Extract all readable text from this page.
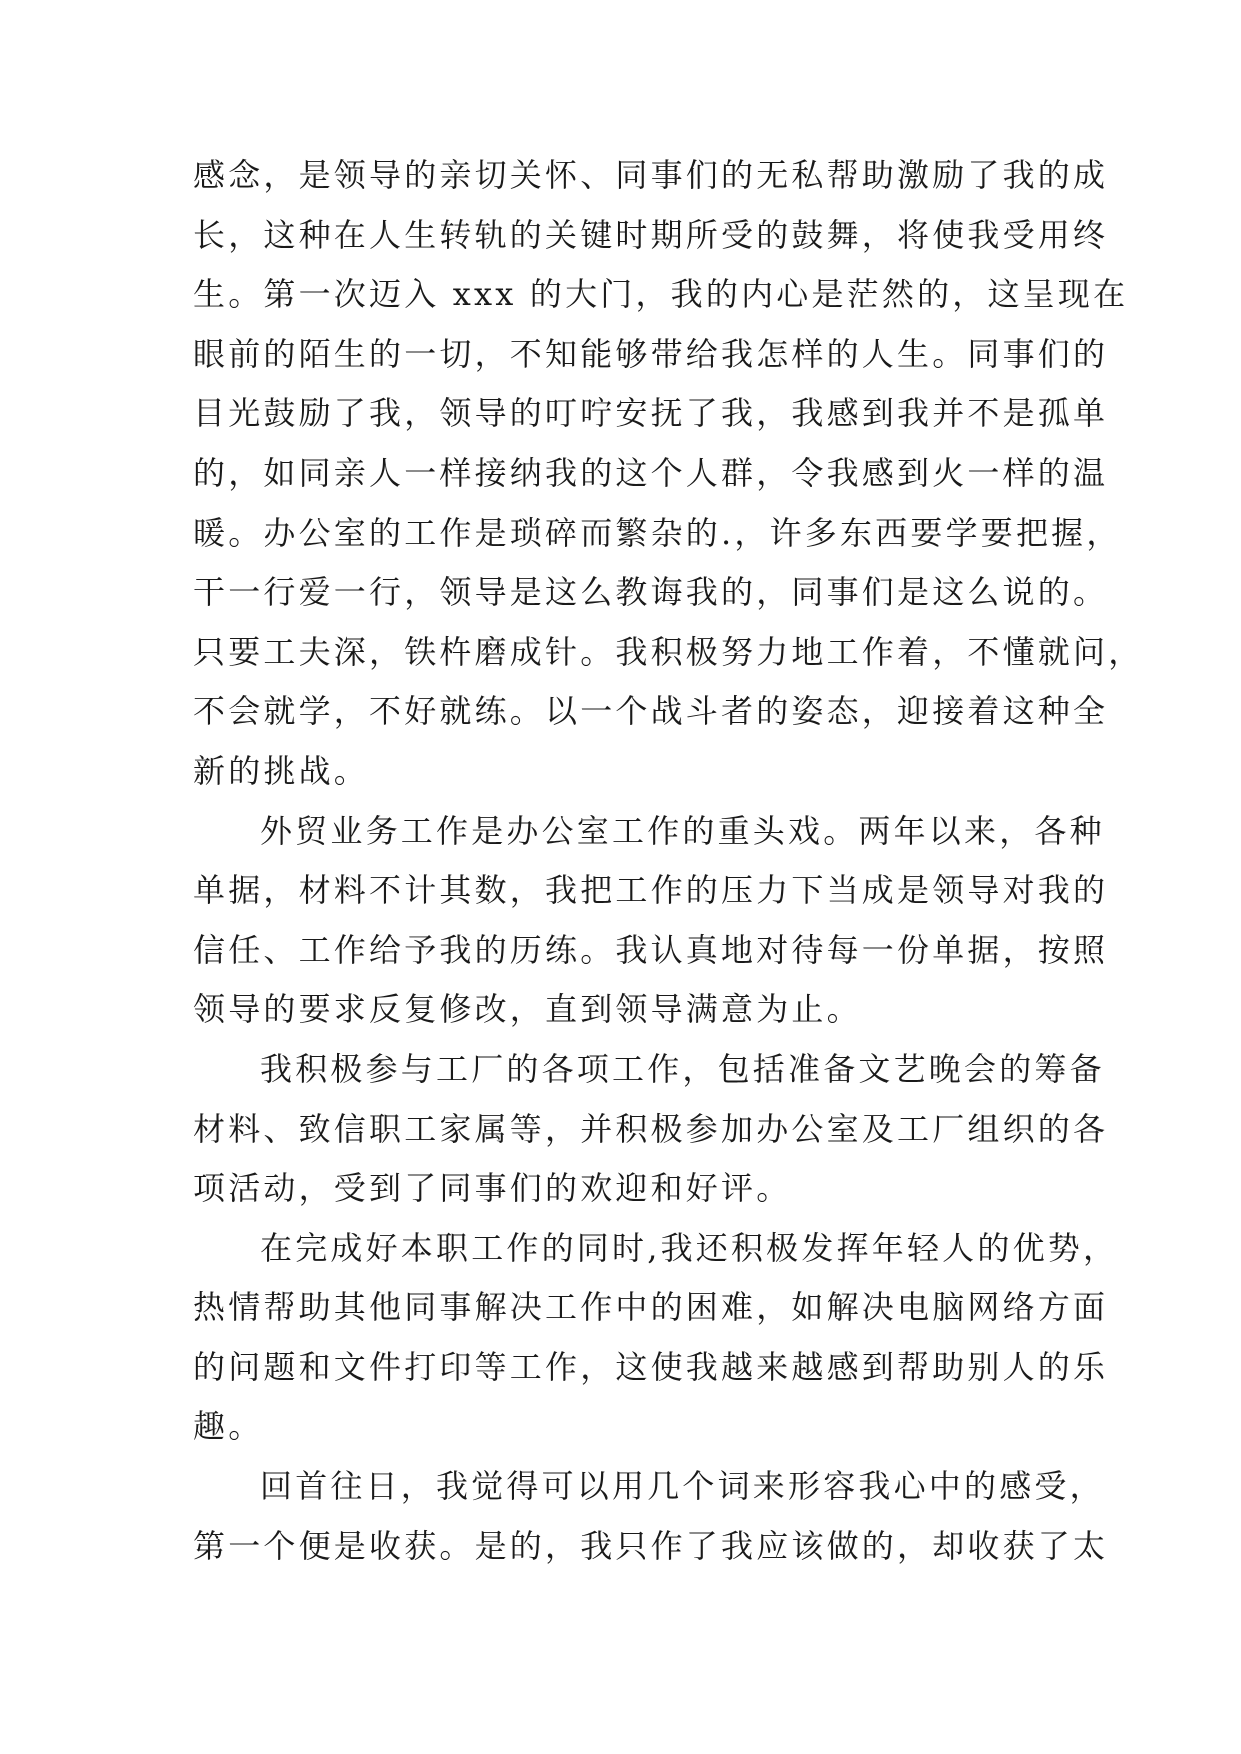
感念，是领导的亲切关怀、同事们的无私帮助激励了我的成
长，这种在人生转轨的关键时期所受的鼓舞，将使我受用终
生。第一次迈入 xxx 的大门，我的内心是茫然的，这呈现在
眼前的陌生的一切，不知能够带给我怎样的人生。同事们的
目光鼓励了我，领导的叮咛安抚了我，我感到我并不是孤单
的，如同亲人一样接纳我的这个人群，令我感到火一样的温
暖。办公室的工作是琐碎而繁杂的.，许多东西要学要把握，
干一行爱一行，领导是这么教诲我的，同事们是这么说的。
只要工夫深，铁杵磨成针。我积极努力地工作着，不懂就问，
不会就学，不好就练。以一个战斗者的姿态，迎接着这种全
新的挑战。
外贸业务工作是办公室工作的重头戏。两年以来，各种
单据，材料不计其数，我把工作的压力下当成是领导对我的
信任、工作给予我的历练。我认真地对待每一份单据，按照
领导的要求反复修改，直到领导满意为止。
我积极参与工厂的各项工作，包括准备文艺晚会的筹备
材料、致信职工家属等，并积极参加办公室及工厂组织的各
项活动，受到了同事们的欢迎和好评。
在完成好本职工作的同时,我还积极发挥年轻人的优势，
热情帮助其他同事解决工作中的困难，如解决电脑网络方面
的问题和文件打印等工作，这使我越来越感到帮助别人的乐
趣。
回首往日，我觉得可以用几个词来形容我心中的感受，
第一个便是收获。是的，我只作了我应该做的，却收获了太
